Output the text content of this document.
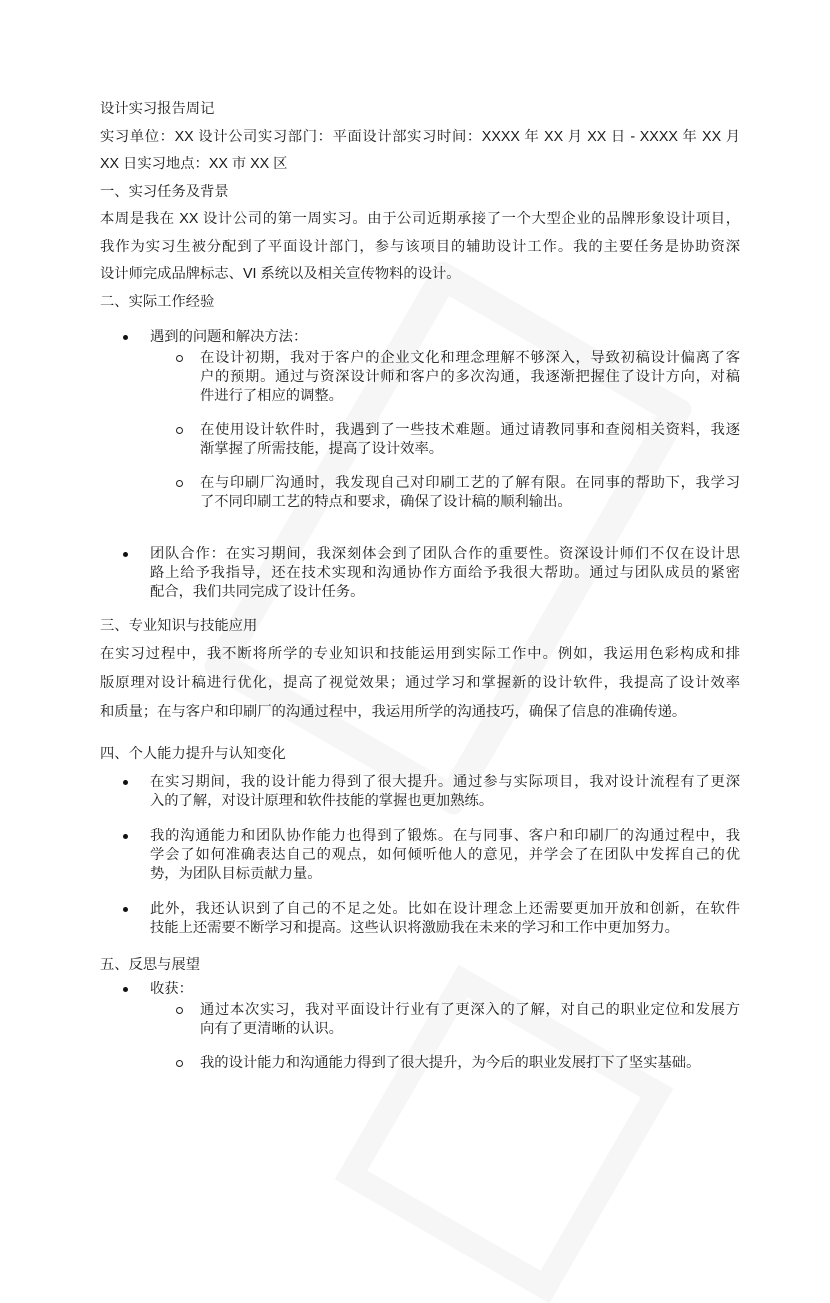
设计实习报告周记
实习单位：XX 设计公司实习部门：平面设计部实习时间：XXXX 年 XX 月 XX 日 - XXXX 年 XX 月
XX 日实习地点：XX 市 XX 区
一、实习任务及背景
本周是我在 XX 设计公司的第一周实习。由于公司近期承接了一个大型企业的品牌形象设计项目，
我作为实习生被分配到了平面设计部门，参与该项目的辅助设计工作。我的主要任务是协助资深
设计师完成品牌标志、VI 系统以及相关宣传物料的设计。
二、实际工作经验
遇到的问题和解决方法：
在设计初期，我对于客户的企业文化和理念理解不够深入，导致初稿设计偏离了客
户的预期。通过与资深设计师和客户的多次沟通，我逐渐把握住了设计方向，对稿
件进行了相应的调整。
在使用设计软件时，我遇到了一些技术难题。通过请教同事和查阅相关资料，我逐
渐掌握了所需技能，提高了设计效率。
在与印刷厂沟通时，我发现自己对印刷工艺的了解有限。在同事的帮助下，我学习
了不同印刷工艺的特点和要求，确保了设计稿的顺利输出。
团队合作：在实习期间，我深刻体会到了团队合作的重要性。资深设计师们不仅在设计思
路上给予我指导，还在技术实现和沟通协作方面给予我很大帮助。通过与团队成员的紧密
配合，我们共同完成了设计任务。
三、专业知识与技能应用
在实习过程中，我不断将所学的专业知识和技能运用到实际工作中。例如，我运用色彩构成和排
版原理对设计稿进行优化，提高了视觉效果；通过学习和掌握新的设计软件，我提高了设计效率
和质量；在与客户和印刷厂的沟通过程中，我运用所学的沟通技巧，确保了信息的准确传递。
四、个人能力提升与认知变化
在实习期间，我的设计能力得到了很大提升。通过参与实际项目，我对设计流程有了更深
入的了解，对设计原理和软件技能的掌握也更加熟练。
我的沟通能力和团队协作能力也得到了锻炼。在与同事、客户和印刷厂的沟通过程中，我
学会了如何准确表达自己的观点，如何倾听他人的意见，并学会了在团队中发挥自己的优
势，为团队目标贡献力量。
此外，我还认识到了自己的不足之处。比如在设计理念上还需要更加开放和创新，在软件
技能上还需要不断学习和提高。这些认识将激励我在未来的学习和工作中更加努力。
五、反思与展望
收获：
通过本次实习，我对平面设计行业有了更深入的了解，对自己的职业定位和发展方
向有了更清晰的认识。
我的设计能力和沟通能力得到了很大提升，为今后的职业发展打下了坚实基础。
